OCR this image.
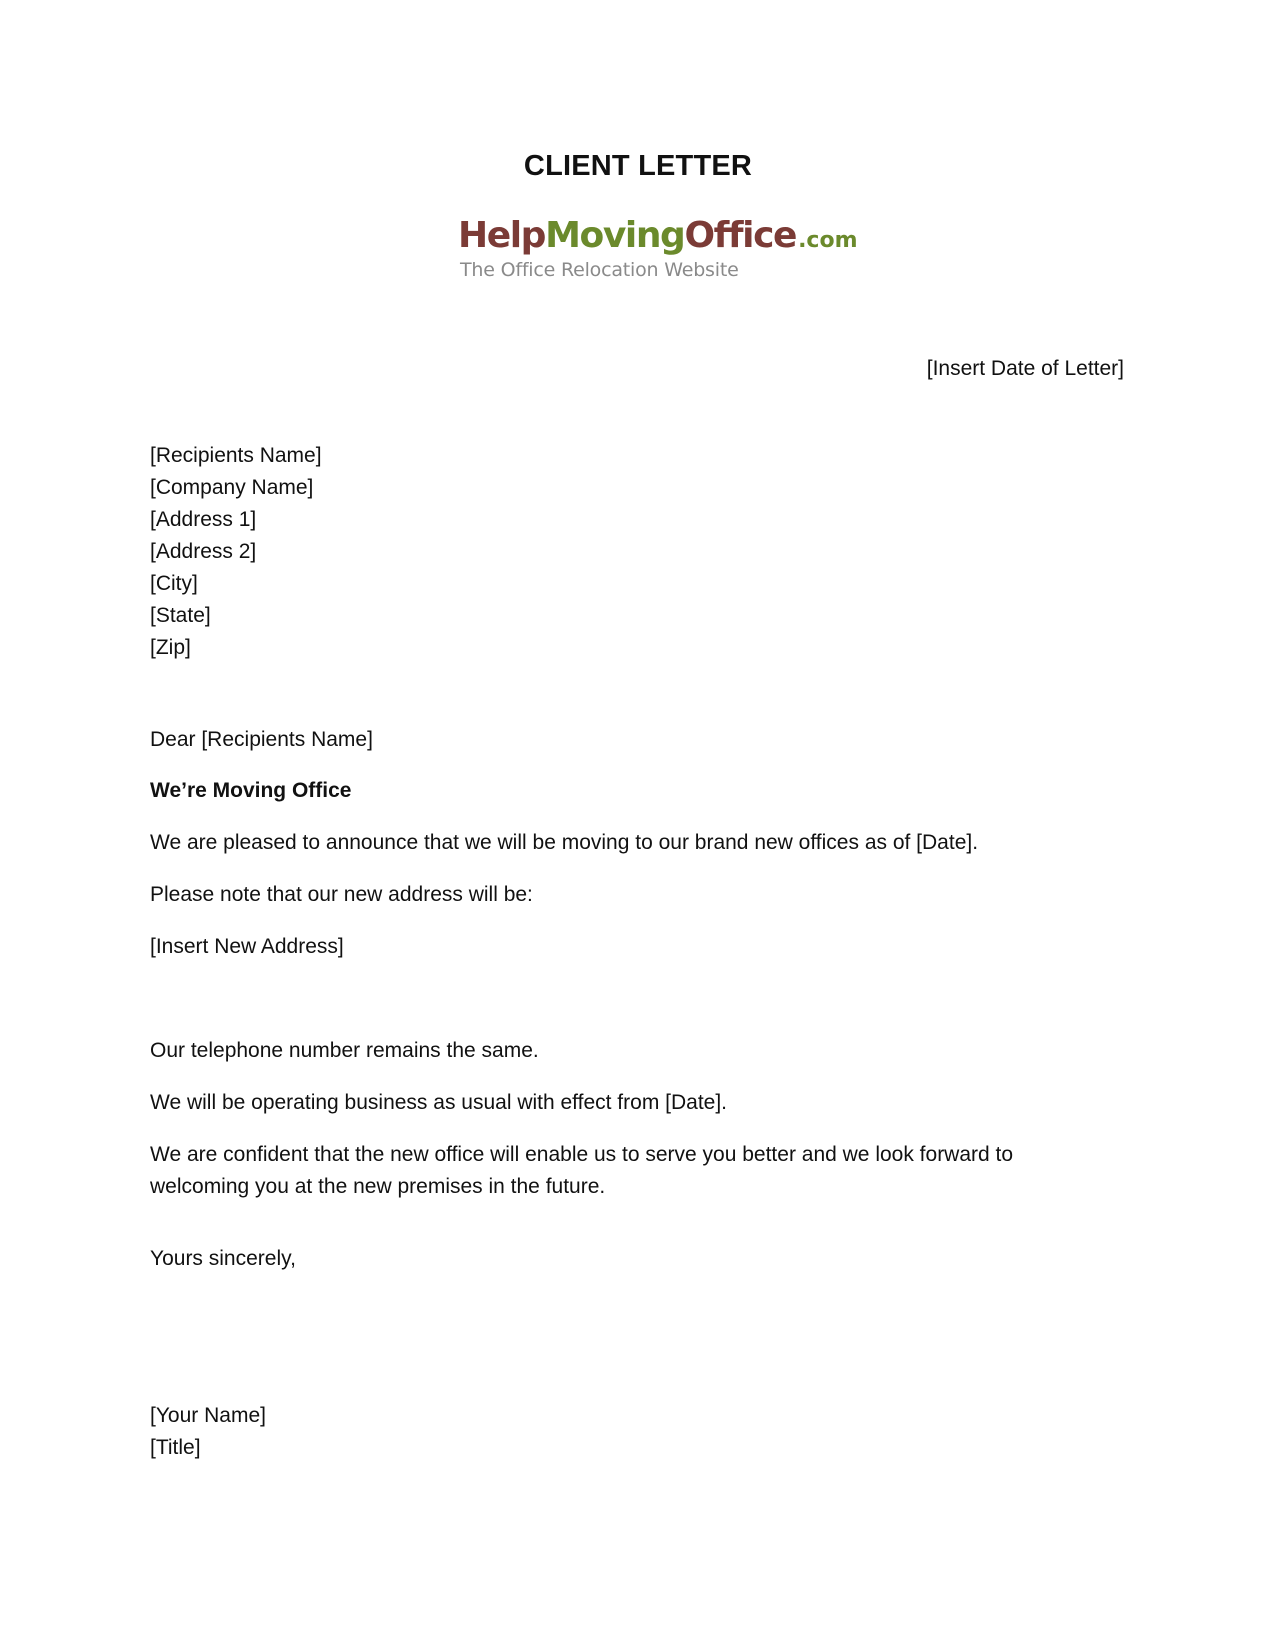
CLIENT LETTER
HelpMovingOffice.com
The Office Relocation Website
[Insert Date of Letter]
[Recipients Name]
[Company Name]
[Address 1]
[Address 2]
[City]
[State]
[Zip]
Dear [Recipients Name]
We’re Moving Office
We are pleased to announce that we will be moving to our brand new offices as of [Date].
Please note that our new address will be:
[Insert New Address]
Our telephone number remains the same.
We will be operating business as usual with effect from [Date].
We are confident that the new office will enable us to serve you better and we look forward to welcoming you at the new premises in the future.
Yours sincerely,
[Your Name]
[Title]
